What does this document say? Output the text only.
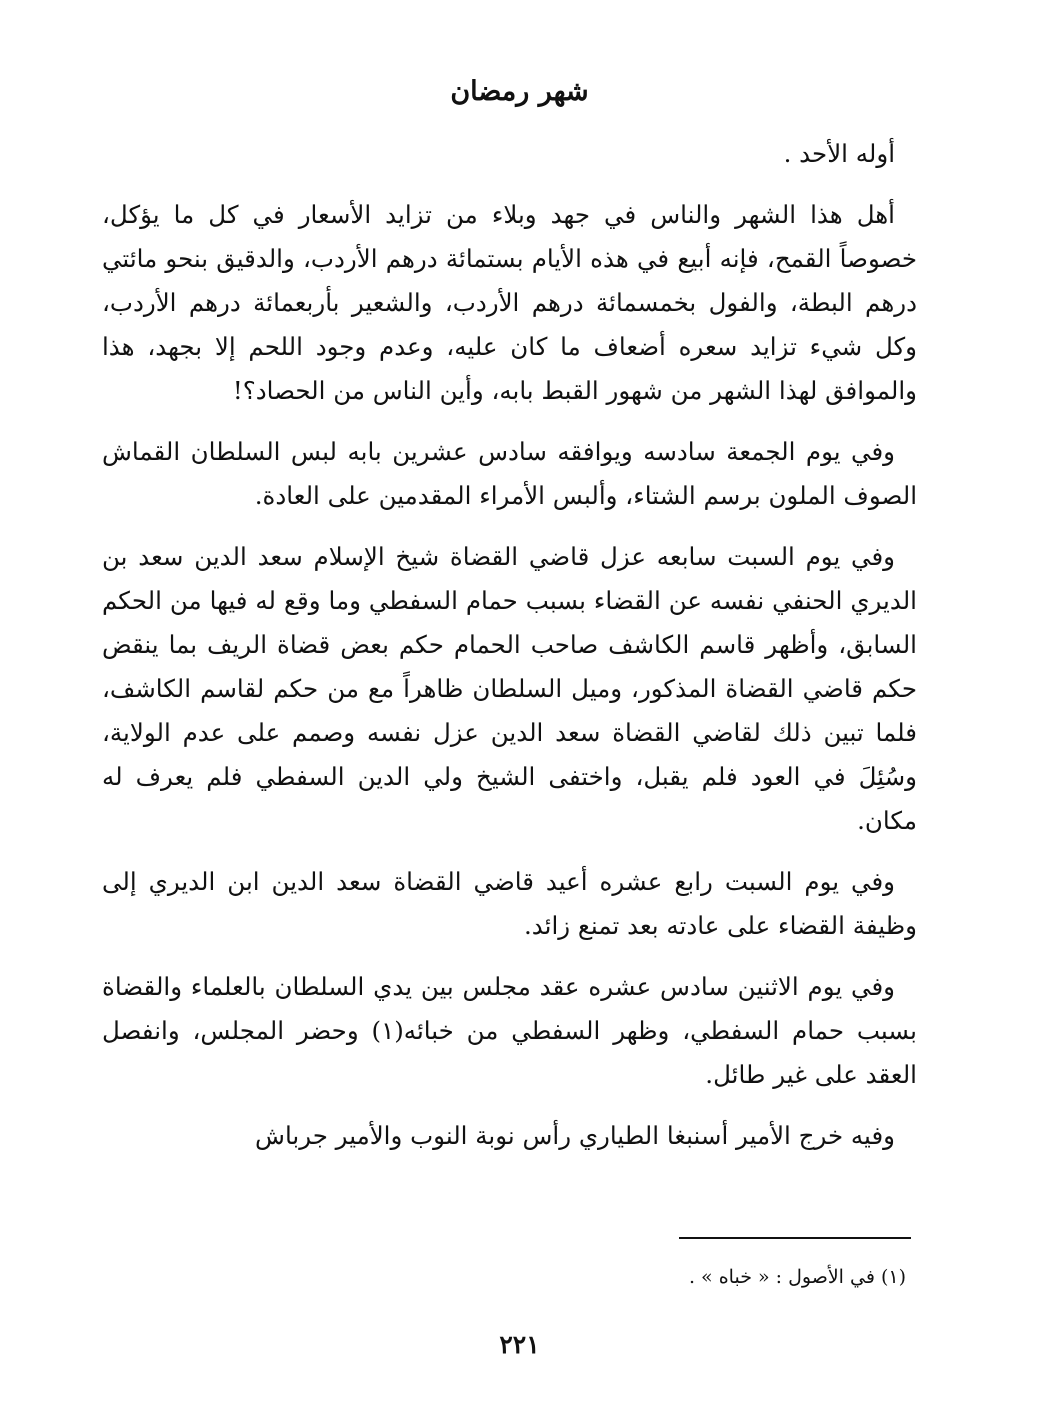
شهر رمضان

أوله الأحد .

أهل هذا الشهر والناس في جهد وبلاء من تزايد الأسعار في كل ما يؤكل، خصوصاً القمح، فإنه أبيع في هذه الأيام بستمائة درهم الأردب، والدقيق بنحو مائتي درهم البطة، والفول بخمسمائة درهم الأردب، والشعير بأربعمائة درهم الأردب، وكل شيء تزايد سعره أضعاف ما كان عليه، وعدم وجود اللحم إلا بجهد، هذا والموافق لهذا الشهر من شهور القبط بابه، وأين الناس من الحصاد؟!

وفي يوم الجمعة سادسه ويوافقه سادس عشرين بابه لبس السلطان القماش الصوف الملون برسم الشتاء، وألبس الأمراء المقدمين على العادة.

وفي يوم السبت سابعه عزل قاضي القضاة شيخ الإسلام سعد الدين سعد بن الديري الحنفي نفسه عن القضاء بسبب حمام السفطي وما وقع له فيها من الحكم السابق، وأظهر قاسم الكاشف صاحب الحمام حكم بعض قضاة الريف بما ينقض حكم قاضي القضاة المذكور، وميل السلطان ظاهراً مع من حكم لقاسم الكاشف، فلما تبين ذلك لقاضي القضاة سعد الدين عزل نفسه وصمم على عدم الولاية، وسُئِلَ في العود فلم يقبل، واختفى الشيخ ولي الدين السفطي فلم يعرف له مكان.

وفي يوم السبت رابع عشره أعيد قاضي القضاة سعد الدين ابن الديري إلى وظيفة القضاء على عادته بعد تمنع زائد.

وفي يوم الاثنين سادس عشره عقد مجلس بين يدي السلطان بالعلماء والقضاة بسبب حمام السفطي، وظهر السفطي من خبائه(١) وحضر المجلس، وانفصل العقد على غير طائل.

وفيه خرج الأمير أسنبغا الطياري رأس نوبة النوب والأمير جرباش

(١) في الأصول : « خباه » .
٢٢١
